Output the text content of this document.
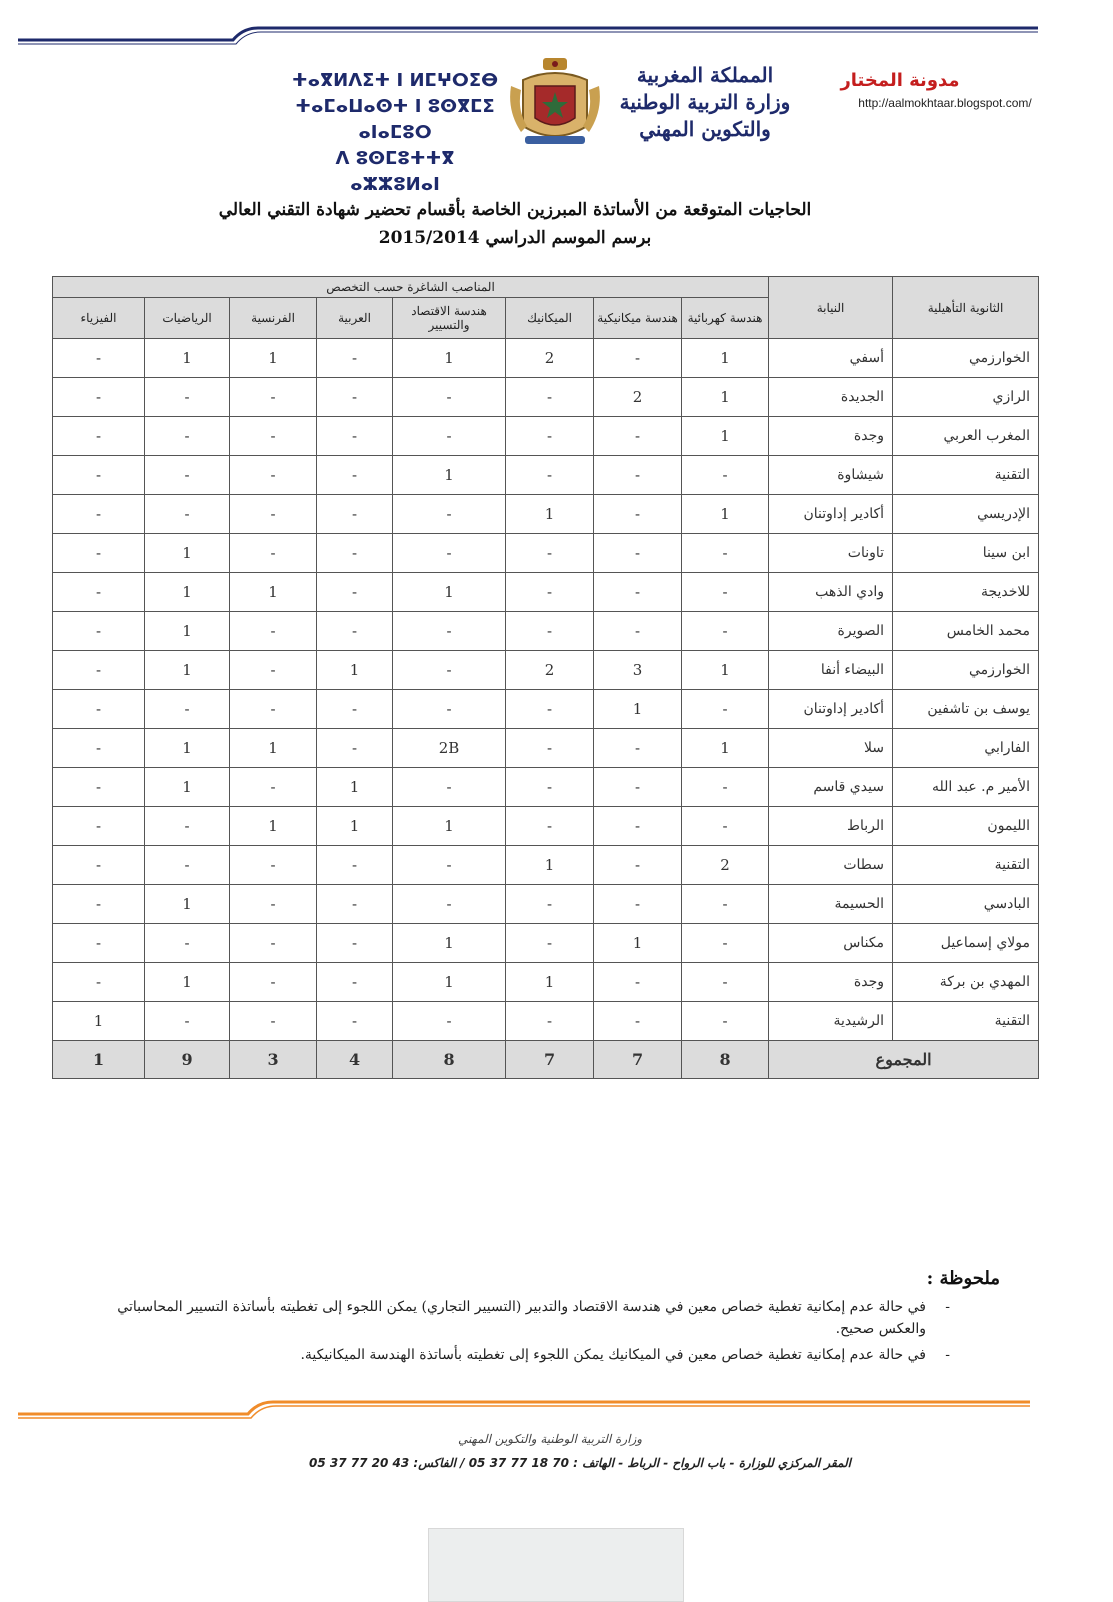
ⵜⴰⴳⵍⴷⵉⵜ ⵏ ⵍⵎⵖⵔⵉⴱ
ⵜⴰⵎⴰⵡⴰⵙⵜ ⵏ ⵓⵙⴳⵎⵉ ⴰⵏⴰⵎⵓⵔ
ⴷ ⵓⵙⵎⵓⵜⵜⴳ ⴰⵣⵣⵓⵍⴰⵏ
المملكة المغربية
وزارة التربية الوطنية
والتكوين المهني
مدونة المختار
http://aalmokhtaar.blogspot.com/
الحاجيات المتوقعة من الأساتذة المبرزين الخاصة بأقسام تحضير شهادة التقني العالي
برسم الموسم الدراسي 2015/2014
الثانوية التأهيلية	النيابة	المناصب الشاغرة حسب التخصص							
		هندسة كهربائية	هندسة ميكانيكية	الميكانيك	هندسة الاقتصاد والتسيير	العربية	الفرنسية	الرياضيات	الفيزياء
الخوارزمي	أسفي	1	-	2	1	-	1	1	-
الرازي	الجديدة	1	2	-	-	-	-	-	-
المغرب العربي	وجدة	1	-	-	-	-	-	-	-
التقنية	شيشاوة	-	-	-	1	-	-	-	-
الإدريسي	أكادير إداوتنان	1	-	1	-	-	-	-	-
ابن سينا	تاونات	-	-	-	-	-	-	1	-
للاخديجة	وادي الذهب	-	-	-	1	-	1	1	-
محمد الخامس	الصويرة	-	-	-	-	-	-	1	-
الخوارزمي	البيضاء أنفا	1	3	2	-	1	-	1	-
يوسف بن تاشفين	أكادير إداوتنان	-	1	-	-	-	-	-	-
الفارابي	سلا	1	-	-	2B	-	1	1	-
الأمير م. عبد الله	سيدي قاسم	-	-	-	-	1	-	1	-
الليمون	الرباط	-	-	-	1	1	1	-	-
التقنية	سطات	2	-	1	-	-	-	-	-
البادسي	الحسيمة	-	-	-	-	-	-	1	-
مولاي إسماعيل	مكناس	-	1	-	1	-	-	-	-
المهدي بن بركة	وجدة	-	-	1	1	-	-	1	-
التقنية	الرشيدية	-	-	-	-	-	-	-	1
المجموع		8	7	7	8	4	3	9	1
ملحوظة :
-
في حالة عدم إمكانية تغطية خصاص معين في هندسة الاقتصاد والتدبير (التسيير التجاري) يمكن اللجوء إلى تغطيته بأساتذة التسيير المحاسباتي والعكس صحيح.
-
في حالة عدم إمكانية تغطية خصاص معين في الميكانيك يمكن اللجوء إلى تغطيته بأساتذة الهندسة الميكانيكية.
وزارة التربية الوطنية والتكوين المهني
المقر المركزي للوزارة - باب الرواح - الرباط - الهاتف : 70 18 77 37 05 / الفاكس: 43 20 77 37 05
